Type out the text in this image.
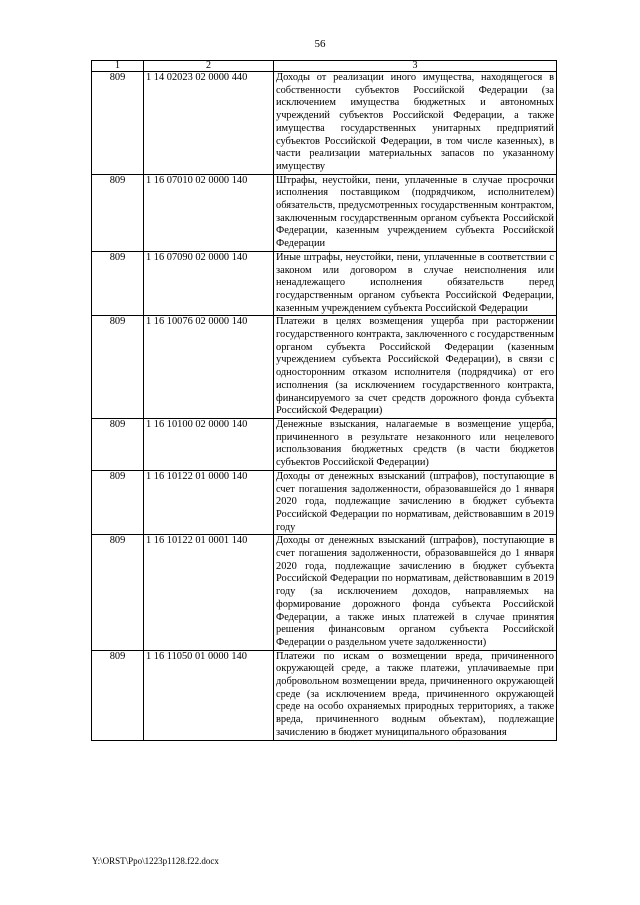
56
1	2	3
809	1 14 02023 02 0000 440	Доходы от реализации иного имущества, находящегося в собственности субъектов Российской Федерации (за исключением имущества бюджетных и автономных учреждений субъектов Российской Федерации, а также имущества государственных унитарных предприятий субъектов Российской Федерации, в том числе казенных), в части реализации материальных запасов по указанному имуществу
809	1 16 07010 02 0000 140	Штрафы, неустойки, пени, уплаченные в случае просрочки исполнения поставщиком (подрядчиком, исполнителем) обязательств, предусмотренных государственным контрактом, заключенным государственным органом субъекта Российской Федерации, казенным учреждением субъекта Российской Федерации
809	1 16 07090 02 0000 140	Иные штрафы, неустойки, пени, уплаченные в соответствии с законом или договором в случае неисполнения или ненадлежащего исполнения обязательств перед государственным органом субъекта Российской Федерации, казенным учреждением субъекта Российской Федерации
809	1 16 10076 02 0000 140	Платежи в целях возмещения ущерба при расторжении государственного контракта, заключенного с государственным органом субъекта Российской Федерации (казенным учреждением субъекта Российской Федерации), в связи с односторонним отказом исполнителя (подрядчика) от его исполнения (за исключением государственного контракта, финансируемого за счет средств дорожного фонда субъекта Российской Федерации)
809	1 16 10100 02 0000 140	Денежные взыскания, налагаемые в возмещение ущерба, причиненного в результате незаконного или нецелевого использования бюджетных средств (в части бюджетов субъектов Российской Федерации)
809	1 16 10122 01 0000 140	Доходы от денежных взысканий (штрафов), поступающие в счет погашения задолженности, образовавшейся до 1 января 2020 года, подлежащие зачислению в бюджет субъекта Российской Федерации по нормативам, действовавшим в 2019 году
809	1 16 10122 01 0001 140	Доходы от денежных взысканий (штрафов), поступающие в счет погашения задолженности, образовавшейся до 1 января 2020 года, подлежащие зачислению в бюджет субъекта Российской Федерации по нормативам, действовавшим в 2019 году (за исключением доходов, направляемых на формирование дорожного фонда субъекта Российской Федерации, а также иных платежей в случае принятия решения финансовым органом субъекта Российской Федерации о раздельном учете задолженности)
809	1 16 11050 01 0000 140	Платежи по искам о возмещении вреда, причиненного окружающей среде, а также платежи, уплачиваемые при добровольном возмещении вреда, причиненного окружающей среде (за исключением вреда, причиненного окружающей среде на особо охраняемых природных территориях, а также вреда, причиненного водным объектам), подлежащие зачислению в бюджет муниципального образования
Y:\ORST\Ppo\1223p1128.f22.docx
